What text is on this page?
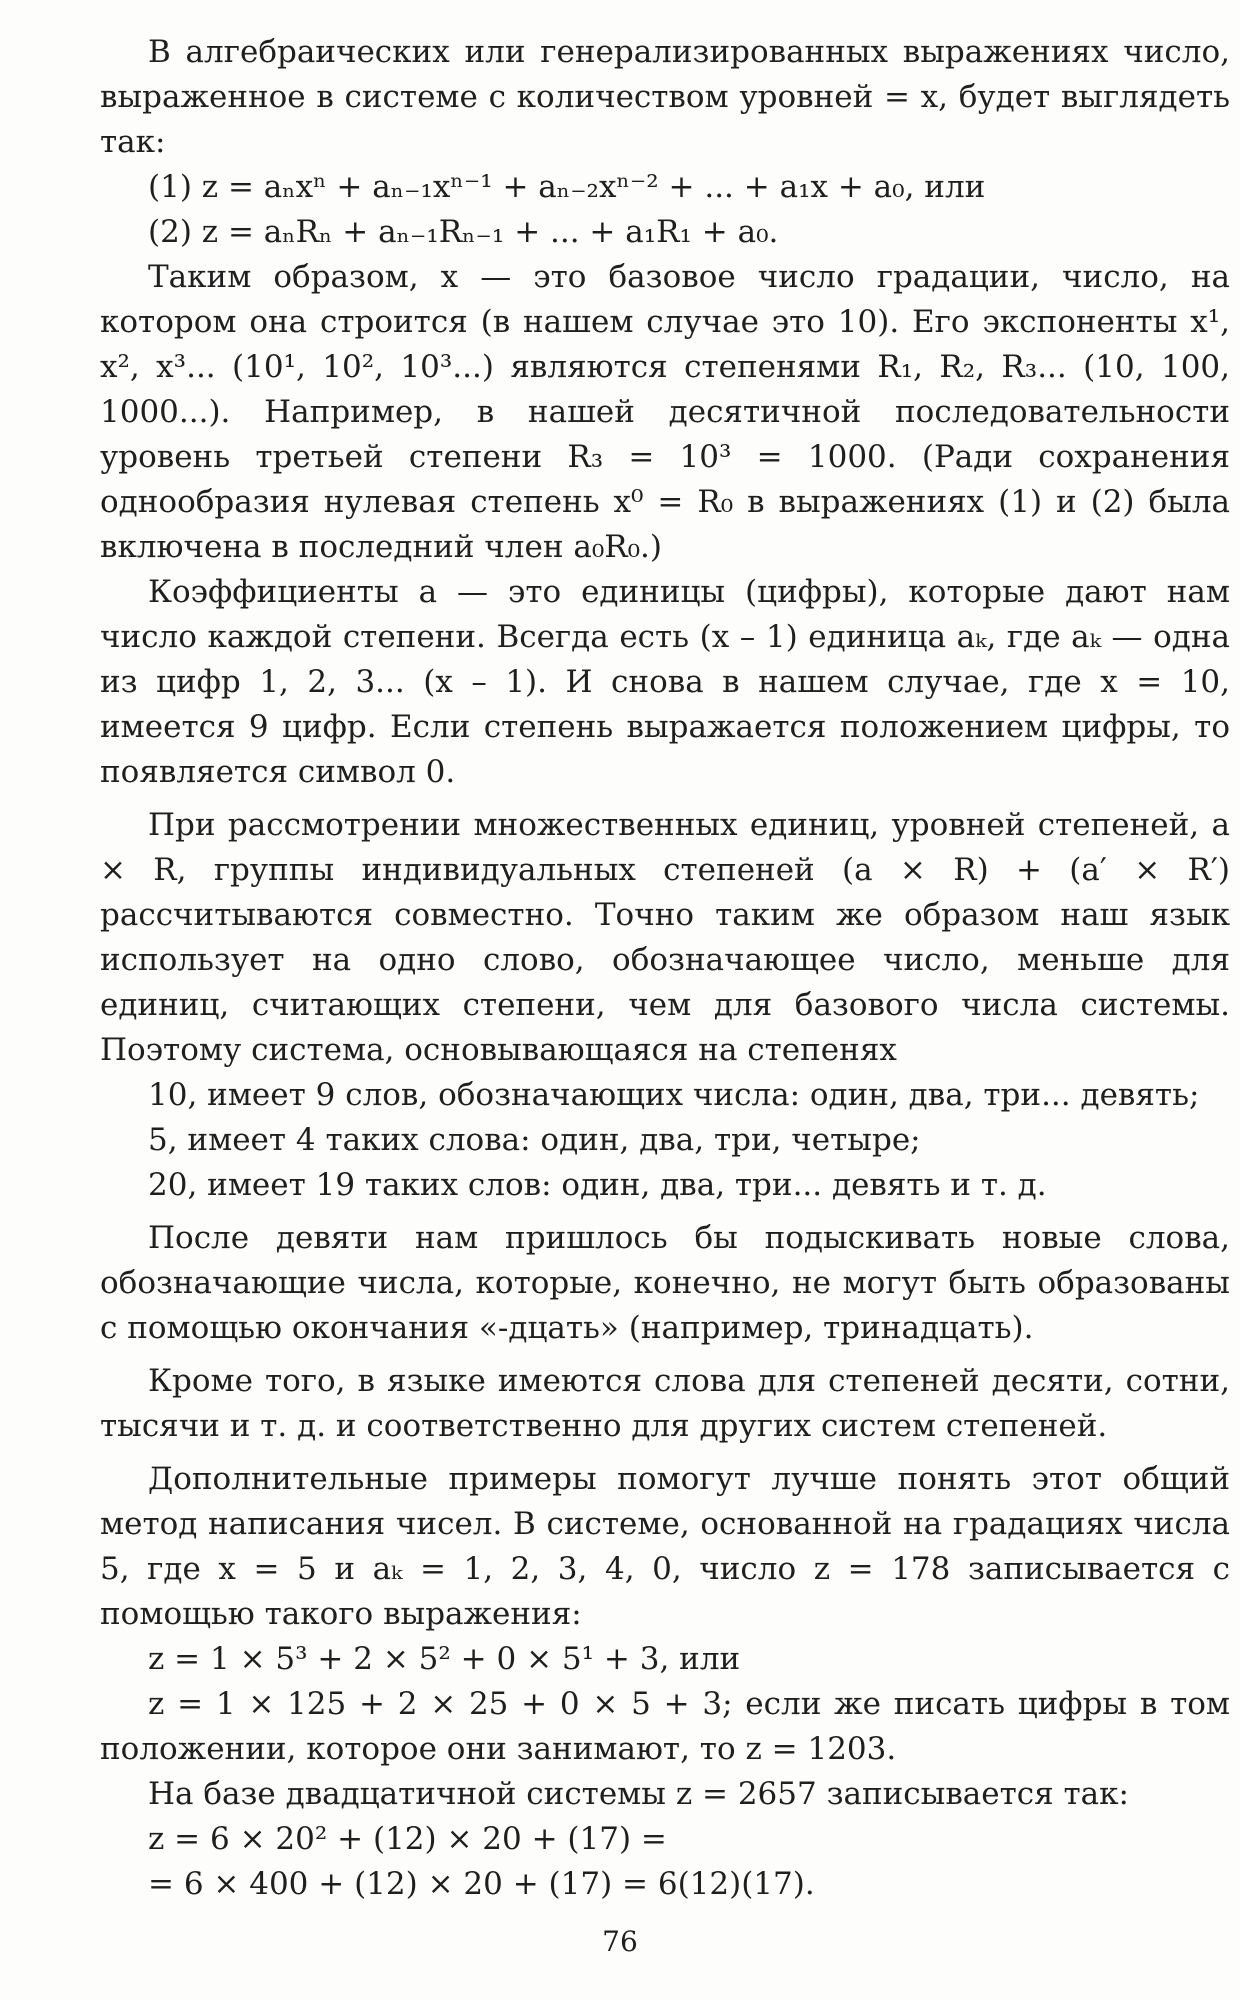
В алгебраических или генерализированных выражениях число, выраженное в системе с количеством уровней = x, будет выглядеть так:

(1) z = aₙxⁿ + aₙ₋₁xⁿ⁻¹ + aₙ₋₂xⁿ⁻² + ... + a₁x + a₀, или
(2) z = aₙRₙ + aₙ₋₁Rₙ₋₁ + ... + a₁R₁ + a₀.

Таким образом, x — это базовое число градации, число, на котором она строится (в нашем случае это 10). Его экспоненты x¹, x², x³... (10¹, 10², 10³...) являются степенями R₁, R₂, R₃... (10, 100, 1000...). Например, в нашей десятичной последовательности уровень третьей степени R₃ = 10³ = 1000. (Ради сохранения однообразия нулевая степень x⁰ = R₀ в выражениях (1) и (2) была включена в последний член a₀R₀.)

Коэффициенты a — это единицы (цифры), которые дают нам число каждой степени. Всегда есть (x – 1) единица aₖ, где aₖ — одна из цифр 1, 2, 3... (x – 1). И снова в нашем случае, где x = 10, имеется 9 цифр. Если степень выражается положением цифры, то появляется символ 0.

При рассмотрении множественных единиц, уровней степеней, a × R, группы индивидуальных степеней (a × R) + (a′ × R′) рассчитываются совместно. Точно таким же образом наш язык использует на одно слово, обозначающее число, меньше для единиц, считающих степени, чем для базового числа системы. Поэтому система, основывающаяся на степенях

10, имеет 9 слов, обозначающих числа: один, два, три... девять;
5, имеет 4 таких слова: один, два, три, четыре;
20, имеет 19 таких слов: один, два, три... девять и т. д.

После девяти нам пришлось бы подыскивать новые слова, обозначающие числа, которые, конечно, не могут быть образованы с помощью окончания «-дцать» (например, тринадцать).

Кроме того, в языке имеются слова для степеней десяти, сотни, тысячи и т. д. и соответственно для других систем степеней.

Дополнительные примеры помогут лучше понять этот общий метод написания чисел. В системе, основанной на градациях числа 5, где x = 5 и aₖ = 1, 2, 3, 4, 0, число z = 178 записывается с помощью такого выражения:

z = 1 × 5³ + 2 × 5² + 0 × 5¹ + 3, или

z = 1 × 125 + 2 × 25 + 0 × 5 + 3; если же писать цифры в том положении, которое они занимают, то z = 1203.

На базе двадцатичной системы z = 2657 записывается так:
z = 6 × 20² + (12) × 20 + (17) =
= 6 × 400 + (12) × 20 + (17) = 6(12)(17).
76
